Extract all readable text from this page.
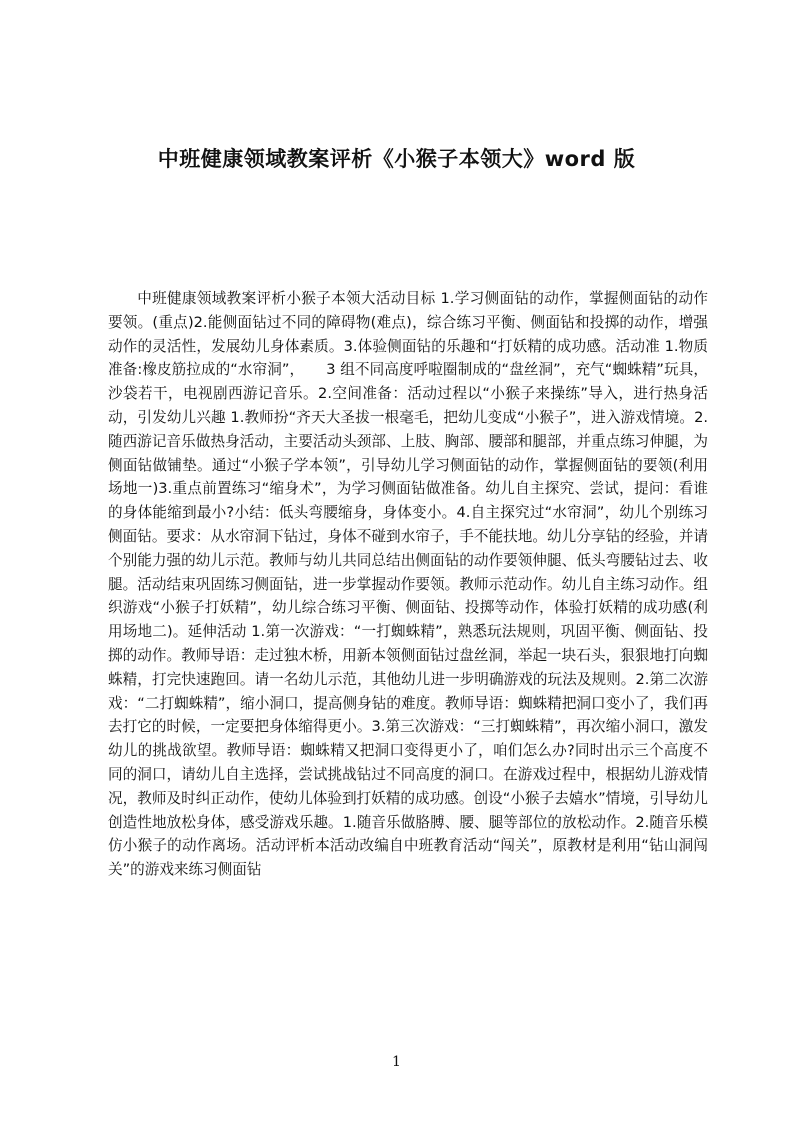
中班健康领域教案评析《小猴子本领大》word 版

中班健康领域教案评析小猴子本领大活动目标 1.学习侧面钻的动作，掌握侧面钻的动作要领。(重点)2.能侧面钻过不同的障碍物(难点)，综合练习平衡、侧面钻和投掷的动作，增强动作的灵活性，发展幼儿身体素质。3.体验侧面钻的乐趣和“打妖精的成功感。活动准 1.物质准备:橡皮筋拉成的“水帘洞”，　　3 组不同高度呼啦圈制成的“盘丝洞”，充气“蜘蛛精”玩具，沙袋若干，电视剧西游记音乐。2.空间准备：活动过程以“小猴子来操练”导入，进行热身活动，引发幼儿兴趣 1.教师扮“齐天大圣拔一根毫毛，把幼儿变成“小猴子”，进入游戏情境。2.随西游记音乐做热身活动，主要活动头颈部、上肢、胸部、腰部和腿部，并重点练习伸腿，为侧面钻做铺垫。通过“小猴子学本领”，引导幼儿学习侧面钻的动作，掌握侧面钻的要领(利用场地一)3.重点前置练习“缩身术”，为学习侧面钻做准备。幼儿自主探究、尝试，提问：看谁的身体能缩到最小?小结：低头弯腰缩身，身体变小。4.自主探究过“水帘洞”，幼儿个别练习侧面钻。要求：从水帘洞下钻过，身体不碰到水帘子，手不能扶地。幼儿分享钻的经验，并请个别能力强的幼儿示范。教师与幼儿共同总结出侧面钻的动作要领伸腿、低头弯腰钻过去、收腿。活动结束巩固练习侧面钻，进一步掌握动作要领。教师示范动作。幼儿自主练习动作。组织游戏“小猴子打妖精”，幼儿综合练习平衡、侧面钻、投掷等动作，体验打妖精的成功感(利用场地二)。延伸活动 1.第一次游戏：“一打蜘蛛精”，熟悉玩法规则，巩固平衡、侧面钻、投掷的动作。教师导语：走过独木桥，用新本领侧面钻过盘丝洞，举起一块石头，狠狠地打向蜘蛛精，打完快速跑回。请一名幼儿示范，其他幼儿进一步明确游戏的玩法及规则。2.第二次游戏：“二打蜘蛛精”，缩小洞口，提高侧身钻的难度。教师导语：蜘蛛精把洞口变小了，我们再去打它的时候，一定要把身体缩得更小。3.第三次游戏：“三打蜘蛛精”，再次缩小洞口，激发幼儿的挑战欲望。教师导语：蜘蛛精又把洞口变得更小了，咱们怎么办?同时出示三个高度不同的洞口，请幼儿自主选择，尝试挑战钻过不同高度的洞口。在游戏过程中，根据幼儿游戏情况，教师及时纠正动作，使幼儿体验到打妖精的成功感。创设“小猴子去嬉水”情境，引导幼儿创造性地放松身体，感受游戏乐趣。1.随音乐做胳膊、腰、腿等部位的放松动作。2.随音乐模仿小猴子的动作离场。活动评析本活动改编自中班教育活动“闯关”，原教材是利用“钻山洞闯关”的游戏来练习侧面钻

1
